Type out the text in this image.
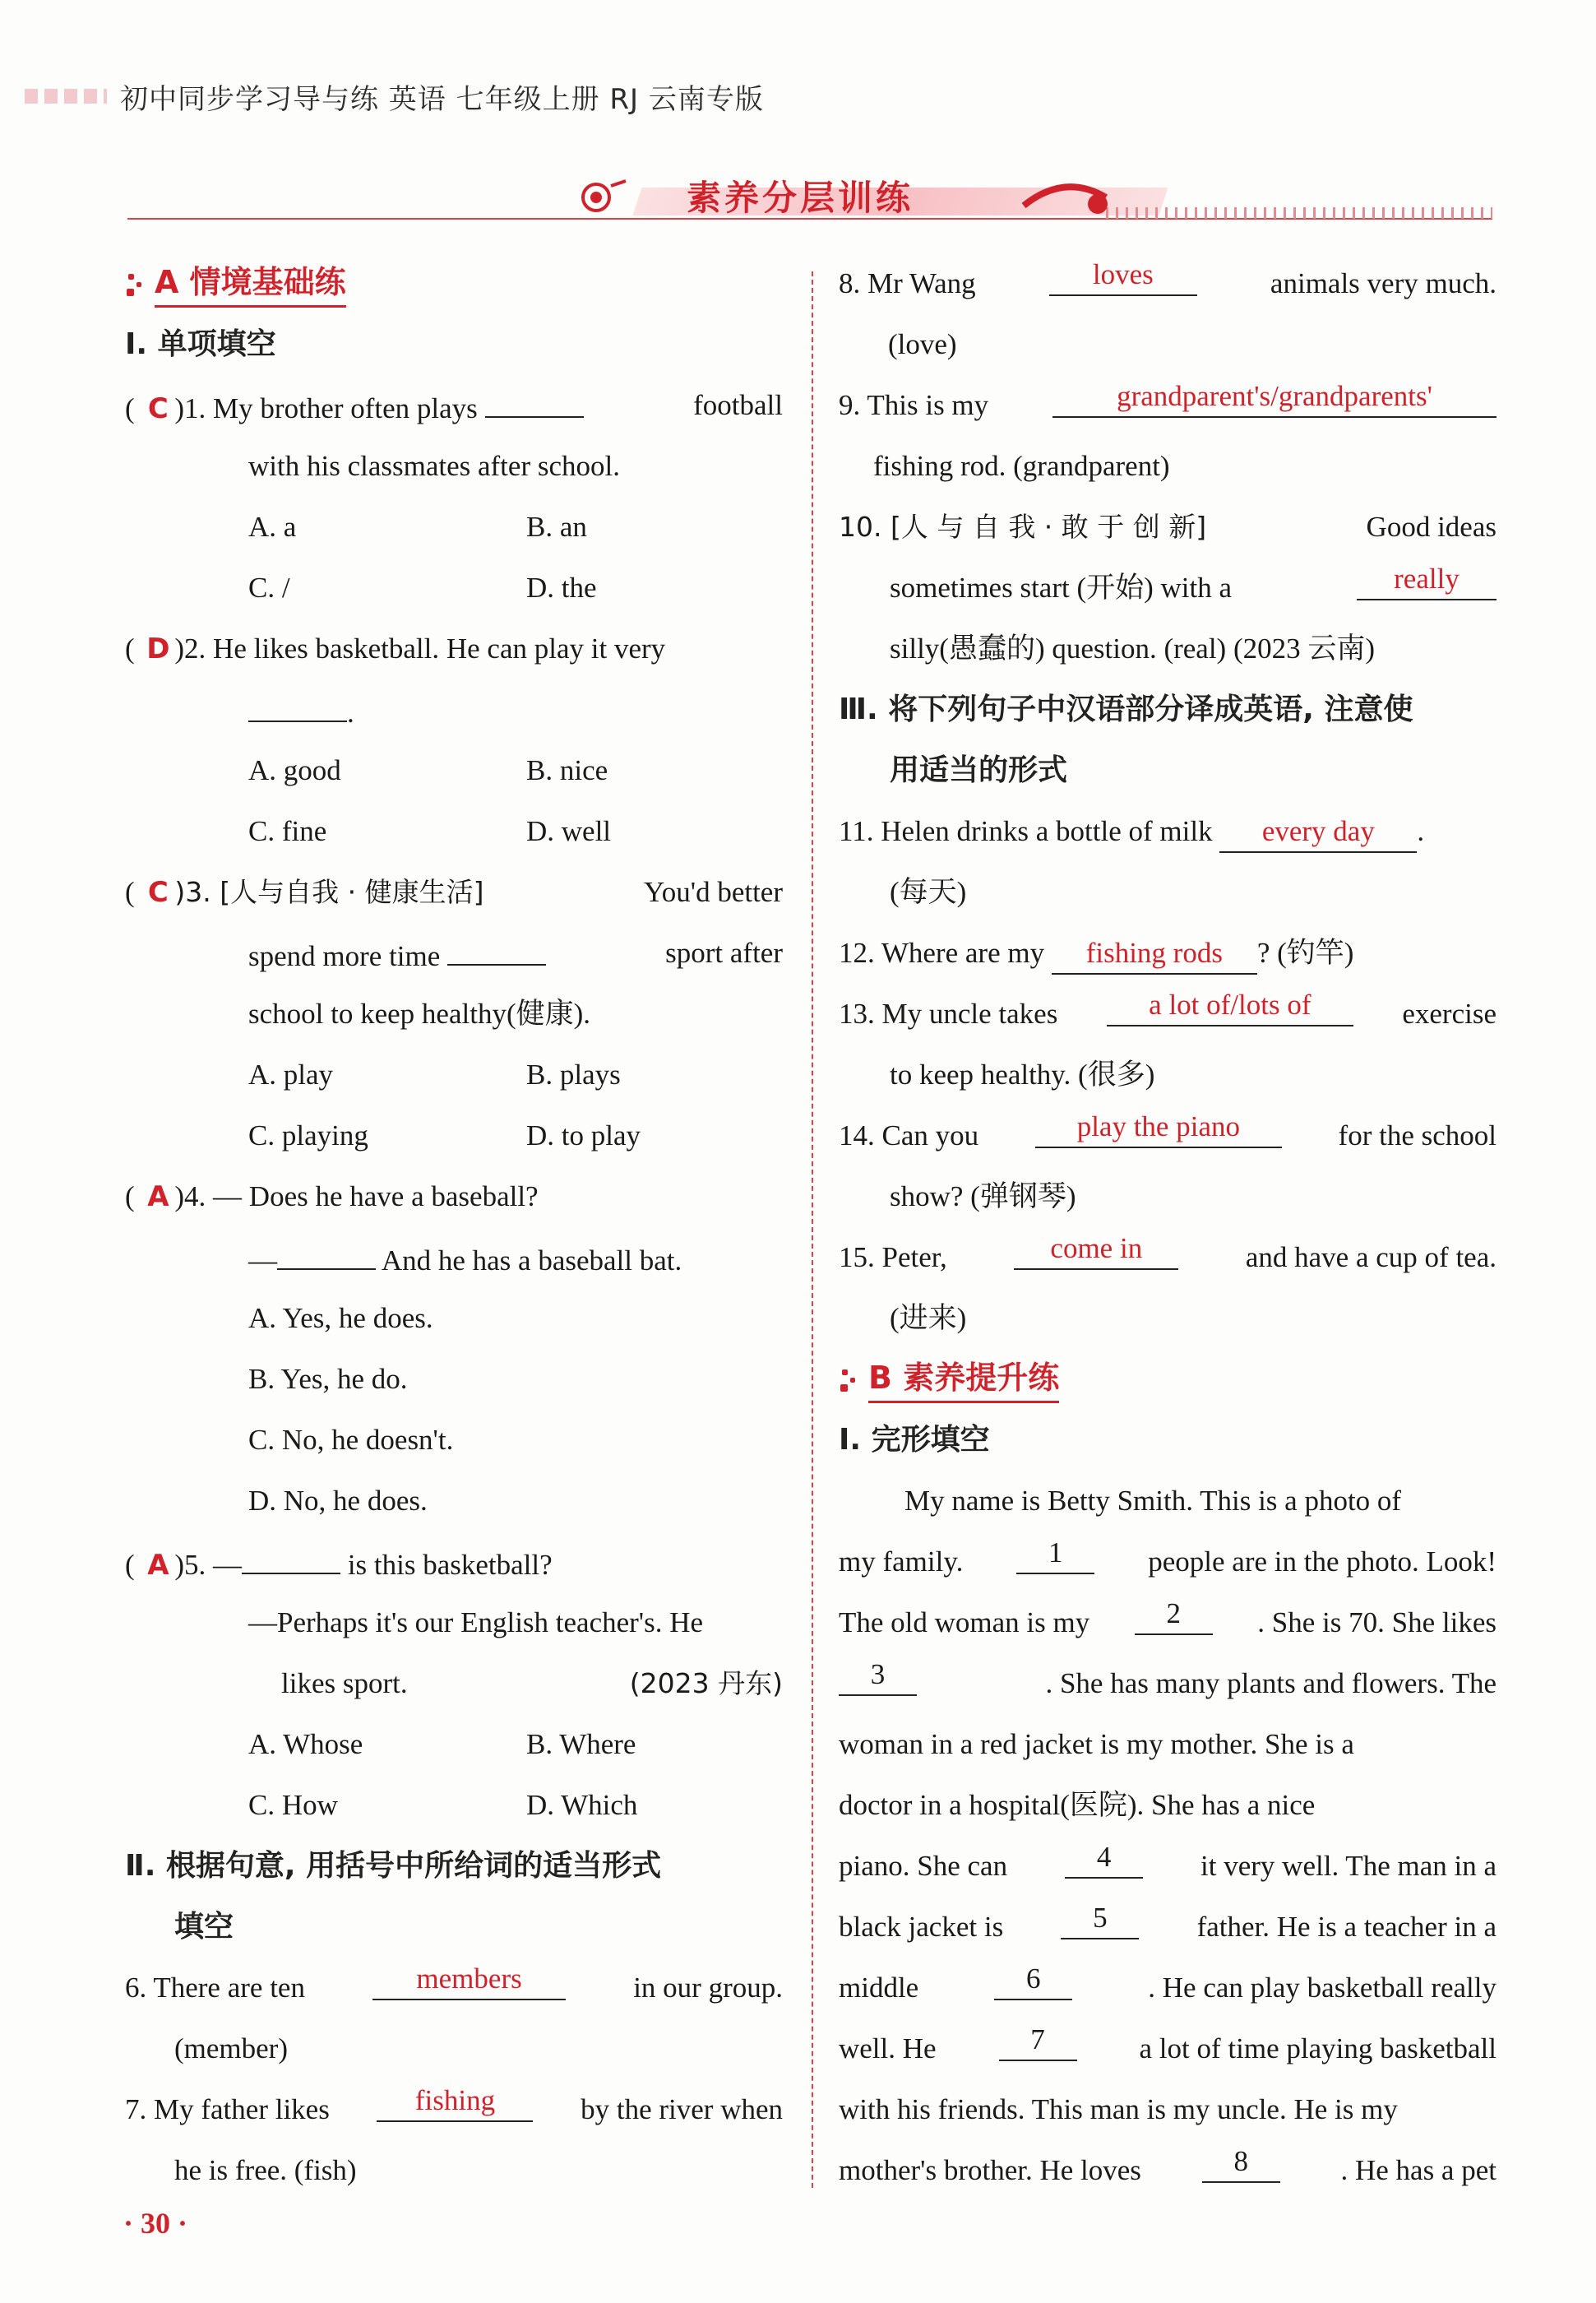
初中同步学习导与练 英语 七年级上册 RJ 云南专版
素养分层训练
A 情境基础练
Ⅰ. 单项填空
( C )1. My brother often plays	football
with his classmates after school.
A. a	B. an
C. /	D. the
( D )2. He likes basketball. He can play it very
.
A. good	B. nice
C. fine	D. well
( C )3. [人与自我 · 健康生活]	You'd better
spend more time	sport after
school to keep healthy(健康).
A. play	B. plays
C. playing	D. to play
( A )4. — Does he have a baseball?
—	And he has a baseball bat.
A. Yes, he does.
B. Yes, he do.
C. No, he doesn't.
D. No, he does.
( A )5. —	is this basketball?
—Perhaps it's our English teacher's. He
likes sport.	(2023 丹东)
A. Whose	B. Where
C. How	D. Which
Ⅱ. 根据句意, 用括号中所给词的适当形式
填空
6. There are ten	members	in our group.
(member)
7. My father likes	fishing	by the river when
he is free. (fish)
8. Mr Wang	loves	animals very much.
(love)
9. This is my	grandparent's/grandparents'
fishing rod. (grandparent)
10. [人 与 自 我 · 敢 于 创 新]	Good ideas
sometimes start (开始) with a	really
silly(愚蠢的) question. (real) (2023 云南)
Ⅲ. 将下列句子中汉语部分译成英语, 注意使
用适当的形式
11. Helen drinks a bottle of milk every day .
(每天)
12. Where are my fishing rods ? (钓竿)
13. My uncle takes	a lot of/lots of	exercise
to keep healthy. (很多)
14. Can you	play the piano	for the school
show? (弹钢琴)
15. Peter,	come in	and have a cup of tea.
(进来)
B 素养提升练
Ⅰ. 完形填空
My name is Betty Smith. This is a photo of
my family.	1	people are in the photo. Look!
The old woman is my	2	. She is 70. She likes
3	. She has many plants and flowers. The
woman in a red jacket is my mother. She is a
doctor in a hospital(医院). She has a nice
piano. She can	4	it very well. The man in a
black jacket is	5	father. He is a teacher in a
middle	6	. He can play basketball really
well. He	7	a lot of time playing basketball
with his friends. This man is my uncle. He is my
mother's brother. He loves	8	. He has a pet
· 30 ·
